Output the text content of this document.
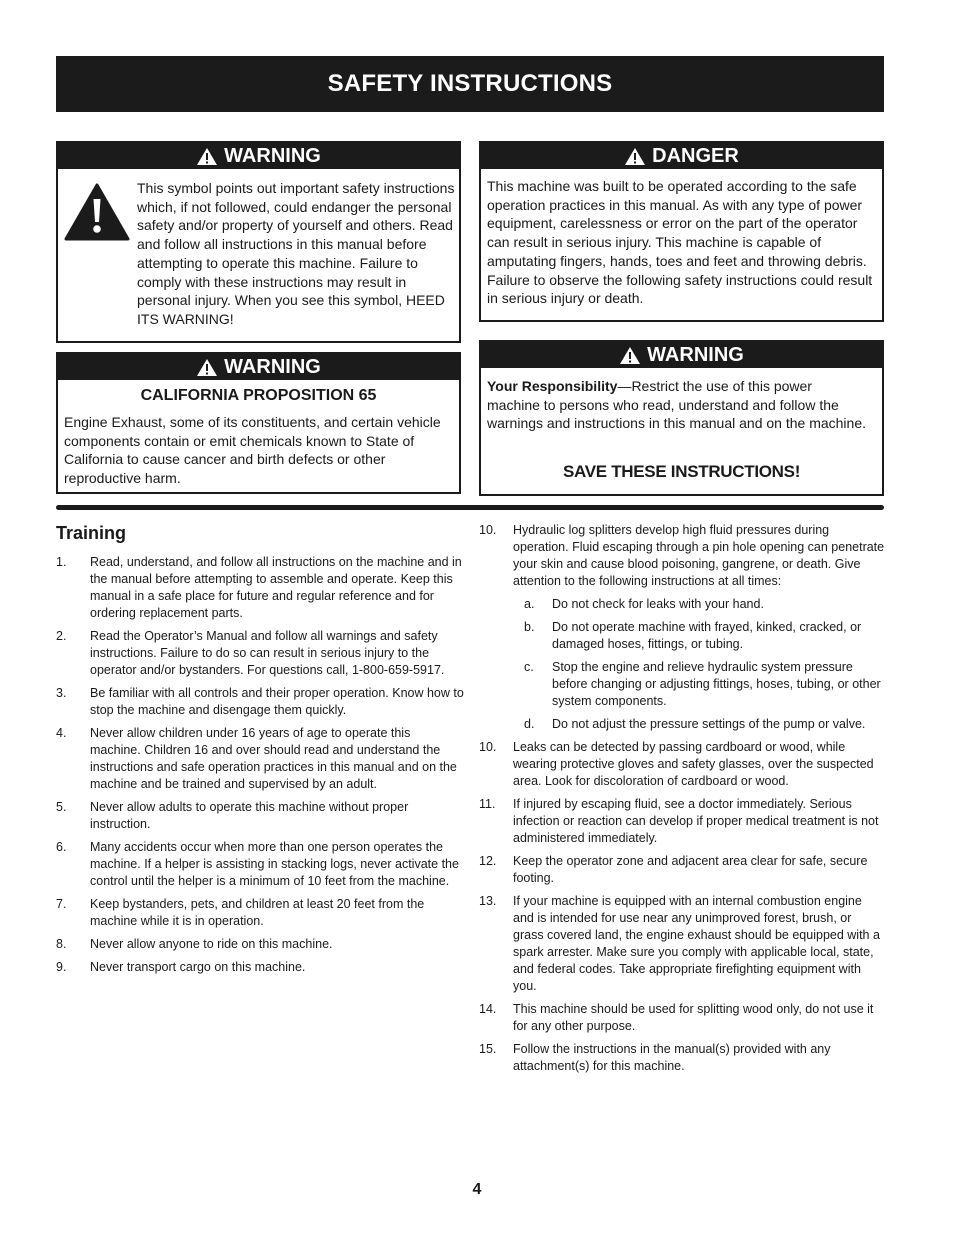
SAFETY INSTRUCTIONS
WARNING
This symbol points out important safety instructions which, if not followed, could endanger the personal safety and/or property of yourself and others. Read and follow all instructions in this manual before attempting to operate this machine. Failure to comply with these instructions may result in personal injury. When you see this symbol, HEED ITS WARNING!
DANGER
This machine was built to be operated according to the safe operation practices in this manual. As with any type of power equipment, carelessness or error on the part of the operator can result in serious injury. This machine is capable of amputating fingers, hands, toes and feet and throwing debris. Failure to observe the following safety instructions could result in serious injury or death.
WARNING
CALIFORNIA PROPOSITION 65
Engine Exhaust, some of its constituents, and certain vehicle components contain or emit chemicals known to State of California to cause cancer and birth defects or other reproductive harm.
WARNING
Your Responsibility—Restrict the use of this power machine to persons who read, understand and follow the warnings and instructions in this manual and on the machine.
SAVE THESE INSTRUCTIONS!
Training
1. Read, understand, and follow all instructions on the machine and in the manual before attempting to assemble and operate. Keep this manual in a safe place for future and regular reference and for ordering replacement parts.
2. Read the Operator’s Manual and follow all warnings and safety instructions. Failure to do so can result in serious injury to the operator and/or bystanders. For questions call, 1-800-659-5917.
3. Be familiar with all controls and their proper operation. Know how to stop the machine and disengage them quickly.
4. Never allow children under 16 years of age to operate this machine. Children 16 and over should read and understand the instructions and safe operation practices in this manual and on the machine and be trained and supervised by an adult.
5. Never allow adults to operate this machine without proper instruction.
6. Many accidents occur when more than one person operates the machine. If a helper is assisting in stacking logs, never activate the control until the helper is a minimum of 10 feet from the machine.
7. Keep bystanders, pets, and children at least 20 feet from the machine while it is in operation.
8. Never allow anyone to ride on this machine.
9. Never transport cargo on this machine.
10. Hydraulic log splitters develop high fluid pressures during operation. Fluid escaping through a pin hole opening can penetrate your skin and cause blood poisoning, gangrene, or death. Give attention to the following instructions at all times:
a. Do not check for leaks with your hand.
b. Do not operate machine with frayed, kinked, cracked, or damaged hoses, fittings, or tubing.
c. Stop the engine and relieve hydraulic system pressure before changing or adjusting fittings, hoses, tubing, or other system components.
d. Do not adjust the pressure settings of the pump or valve.
10. Leaks can be detected by passing cardboard or wood, while wearing protective gloves and safety glasses, over the suspected area. Look for discoloration of cardboard or wood.
11. If injured by escaping fluid, see a doctor immediately. Serious infection or reaction can develop if proper medical treatment is not administered immediately.
12. Keep the operator zone and adjacent area clear for safe, secure footing.
13. If your machine is equipped with an internal combustion engine and is intended for use near any unimproved forest, brush, or grass covered land, the engine exhaust should be equipped with a spark arrester. Make sure you comply with applicable local, state, and federal codes. Take appropriate firefighting equipment with you.
14. This machine should be used for splitting wood only, do not use it for any other purpose.
15. Follow the instructions in the manual(s) provided with any attachment(s) for this machine.
4
